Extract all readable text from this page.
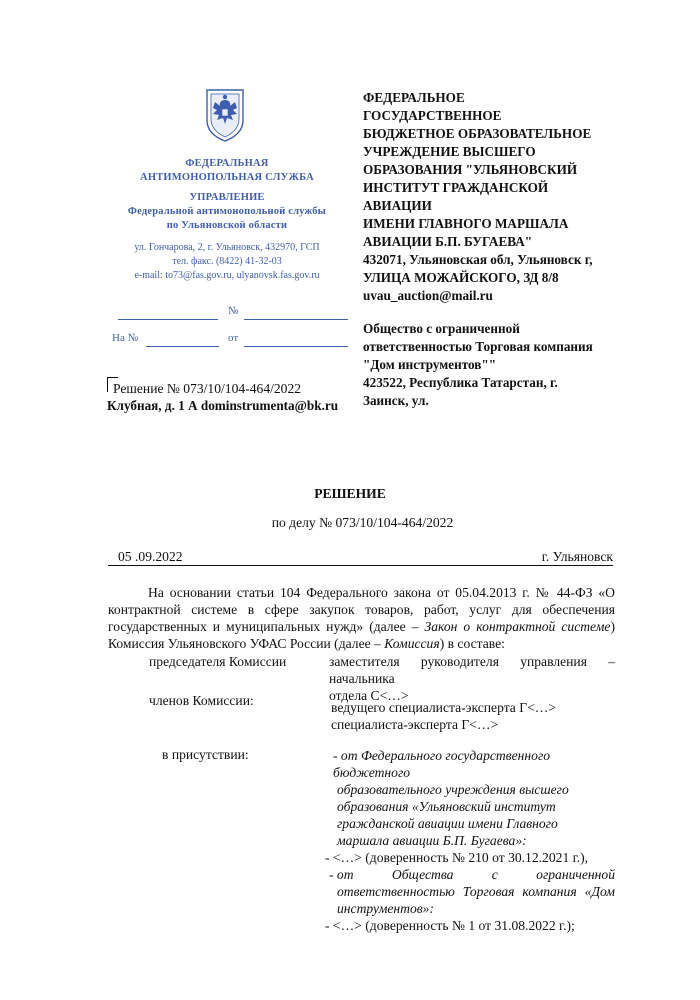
ФЕДЕРАЛЬНАЯ
АНТИМОНОПОЛЬНАЯ СЛУЖБА
УПРАВЛЕНИЕ
Федеральной антимонопольной службы
по Ульяновской области
ул. Гончарова, 2, г. Ульяновск, 432970, ГСП
тел. факс. (8422) 41-32-03
e-mail: to73@fas.gov.ru, ulyanovsk.fas.gov.ru
№
На №	от
Решение № 073/10/104-464/2022
ФЕДЕРАЛЬНОЕ
ГОСУДАРСТВЕННОЕ
БЮДЖЕТНОЕ ОБРАЗОВАТЕЛЬНОЕ
УЧРЕЖДЕНИЕ ВЫСШЕГО
ОБРАЗОВАНИЯ "УЛЬЯНОВСКИЙ
ИНСТИТУТ ГРАЖДАНСКОЙ
АВИАЦИИ
ИМЕНИ ГЛАВНОГО МАРШАЛА
АВИАЦИИ Б.П. БУГАЕВА"
432071, Ульяновская обл, Ульяновск г,
УЛИЦА МОЖАЙСКОГО, ЗД 8/8
uvau_auction@mail.ru
Общество с ограниченной
ответственностью Торговая компания
"Дом инструментов""
423522, Республика Татарстан, г.
Заинск, ул.
Клубная, д. 1 А dominstrumenta@bk.ru
РЕШЕНИЕ
по делу № 073/10/104-464/2022
05 .09.2022	г. Ульяновск
На основании статьи 104 Федерального закона от 05.04.2013 г. № 44-ФЗ «О
контрактной системе в сфере закупок товаров, работ, услуг для обеспечения
государственных и муниципальных нужд» (далее – Закон о контрактной системе)
Комиссия Ульяновского УФАС России (далее – Комиссия) в составе:
председателя Комиссии	заместителя руководителя управления – начальника
отдела С<…>
членов Комиссии:	ведущего специалиста-эксперта Г<…>
специалиста-эксперта Г<…>
в присутствии:	- от Федерального государственного бюджетного
образовательного учреждения высшего
образования «Ульяновский институт
гражданской авиации имени Главного
маршала авиации Б.П. Бугаева»:
- <…> (доверенность № 210 от 30.12.2021 г.),
- от	Общества	с	ограниченной
ответственностью Торговая компания «Дом
инструментов»:
- <…> (доверенность № 1 от 31.08.2022 г.);
